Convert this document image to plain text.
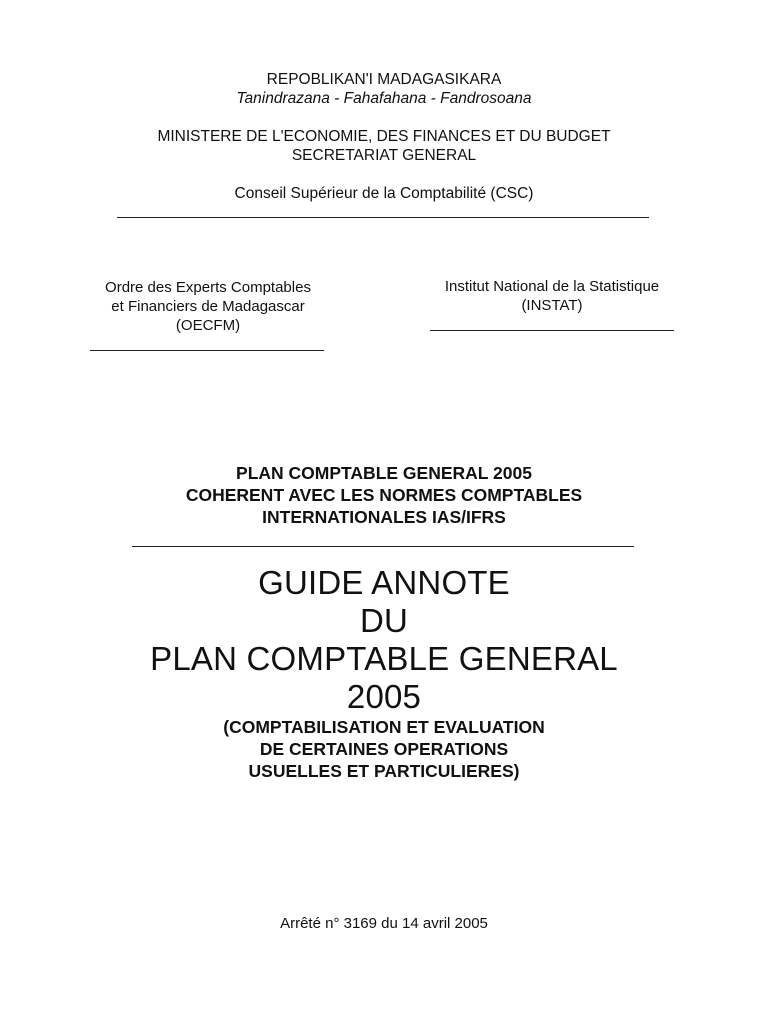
REPOBLIKAN'I MADAGASIKARA

Tanindrazana - Fahafahana - Fandrosoana

MINISTERE DE L'ECONOMIE, DES FINANCES ET DU BUDGET

SECRETARIAT GENERAL

Conseil Supérieur de la Comptabilité (CSC)

Ordre des Experts Comptables
et Financiers de Madagascar
(OECFM)
Institut National de la Statistique
(INSTAT)

PLAN COMPTABLE GENERAL 2005

COHERENT AVEC LES NORMES COMPTABLES

INTERNATIONALES IAS/IFRS

GUIDE ANNOTE

DU

PLAN COMPTABLE GENERAL

2005

(COMPTABILISATION ET EVALUATION

DE CERTAINES OPERATIONS

USUELLES ET PARTICULIERES)

Arrêté n° 3169 du 14 avril 2005
